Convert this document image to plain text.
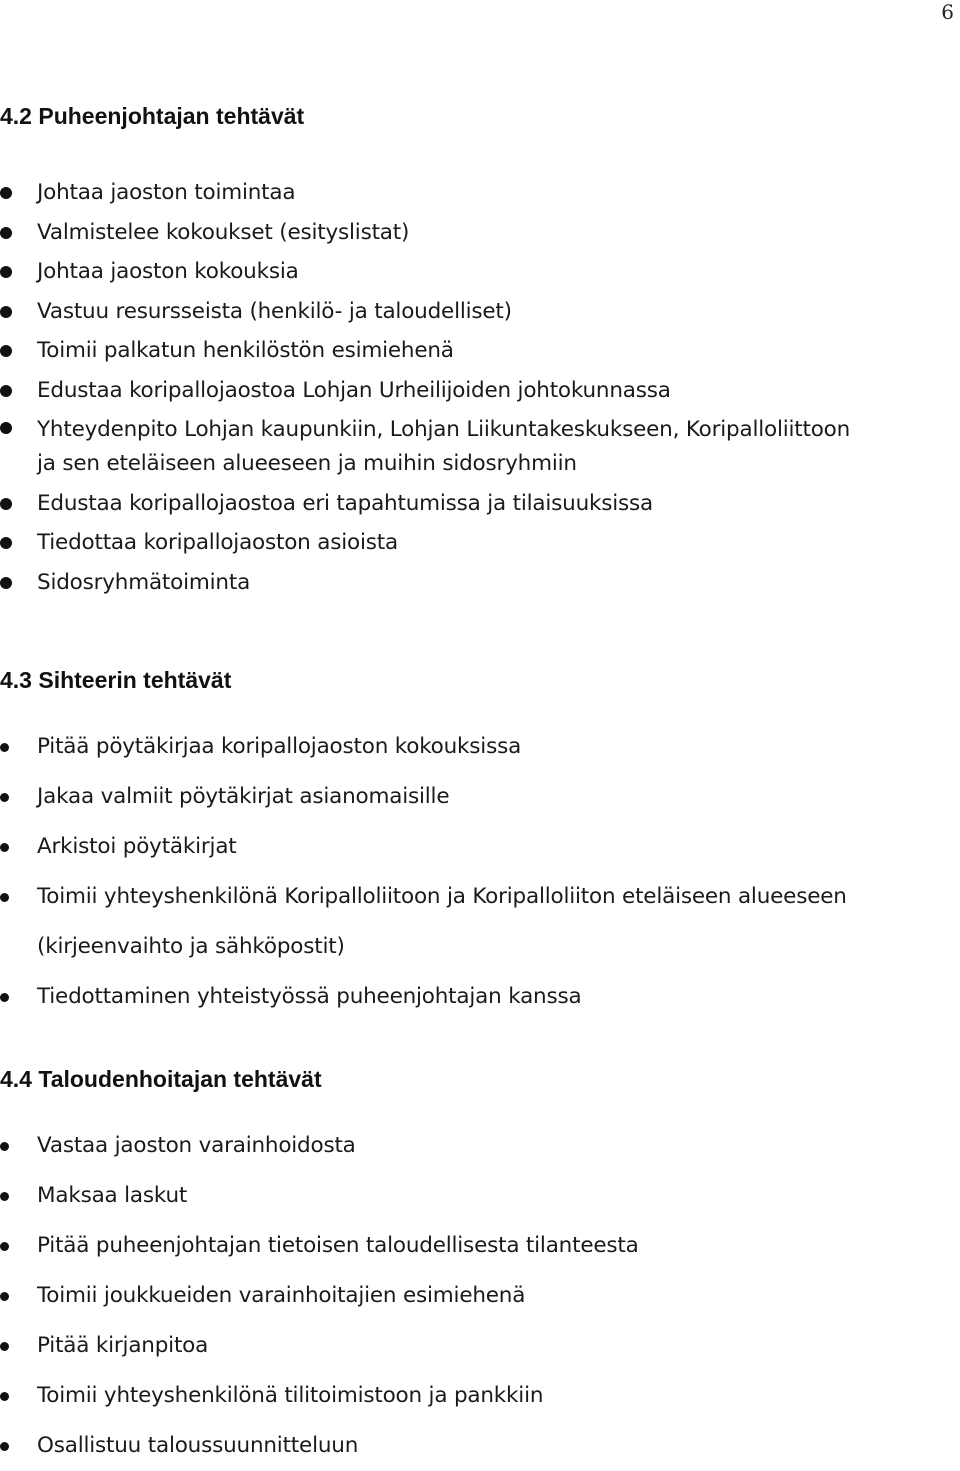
6
4.2 Puheenjohtajan tehtävät
Johtaa jaoston toimintaa
Valmistelee kokoukset (esityslistat)
Johtaa jaoston kokouksia
Vastuu resursseista (henkilö- ja taloudelliset)
Toimii palkatun henkilöstön esimiehenä
Edustaa koripallojaostoa Lohjan Urheilijoiden johtokunnassa
Yhteydenpito Lohjan kaupunkiin, Lohjan Liikuntakeskukseen, Koripalloliittoon
ja sen eteläiseen alueeseen ja muihin sidosryhmiin
Edustaa koripallojaostoa eri tapahtumissa ja tilaisuuksissa
Tiedottaa koripallojaoston asioista
Sidosryhmätoiminta
4.3 Sihteerin tehtävät
Pitää pöytäkirjaa koripallojaoston kokouksissa
Jakaa valmiit pöytäkirjat asianomaisille
Arkistoi pöytäkirjat
Toimii yhteyshenkilönä Koripalloliitoon ja Koripalloliiton eteläiseen alueeseen
(kirjeenvaihto ja sähköpostit)
Tiedottaminen yhteistyössä puheenjohtajan kanssa
4.4 Taloudenhoitajan tehtävät
Vastaa jaoston varainhoidosta
Maksaa laskut
Pitää puheenjohtajan tietoisen taloudellisesta tilanteesta
Toimii joukkueiden varainhoitajien esimiehenä
Pitää kirjanpitoa
Toimii yhteyshenkilönä tilitoimistoon ja pankkiin
Osallistuu taloussuunnitteluun
